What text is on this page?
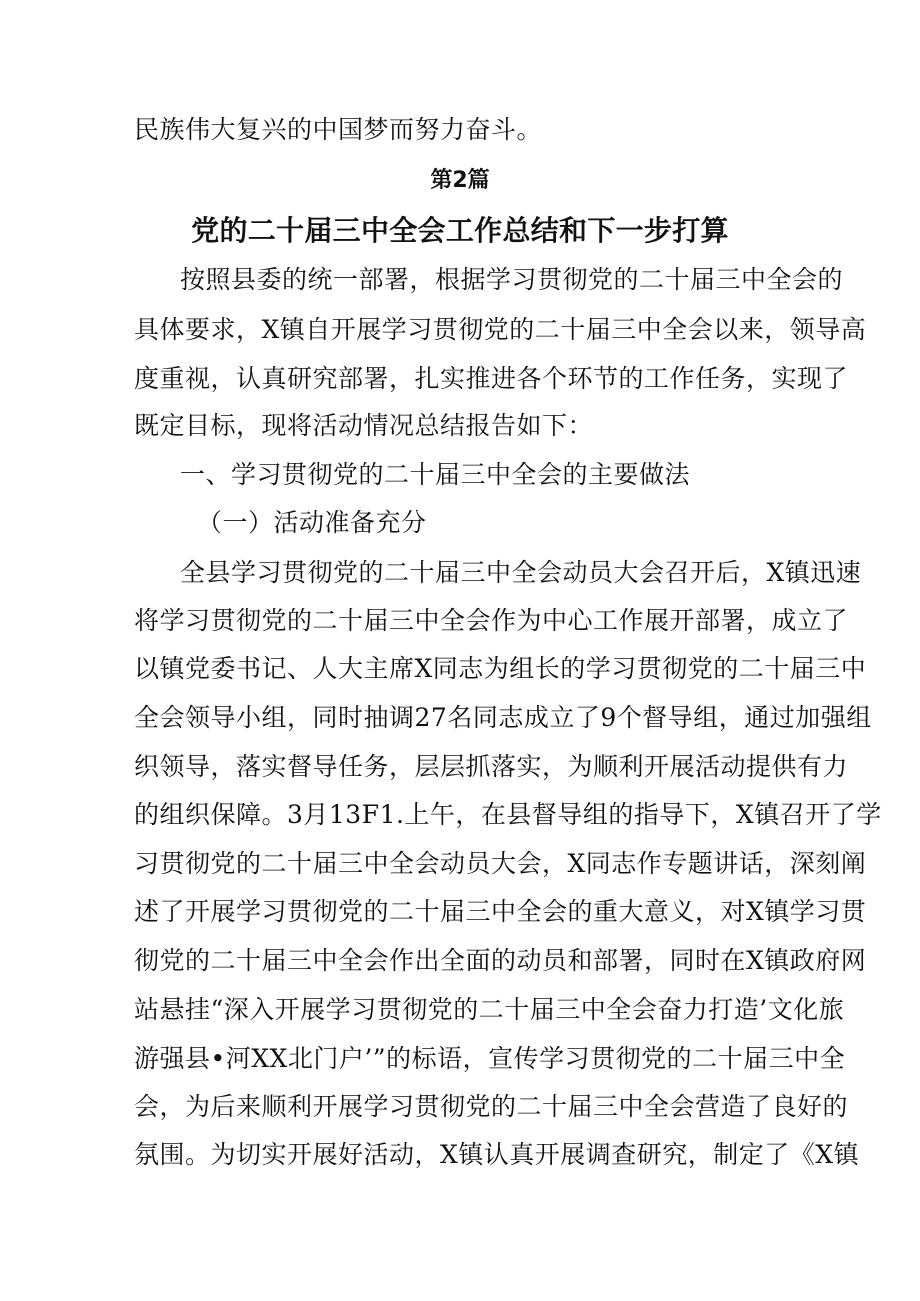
民族伟大复兴的中国梦而努力奋斗。
第2篇
党的二十届三中全会工作总结和下一步打算
按照县委的统一部署，根据学习贯彻党的二十届三中全会的
具体要求，X镇自开展学习贯彻党的二十届三中全会以来，领导高
度重视，认真研究部署，扎实推进各个环节的工作任务，实现了
既定目标，现将活动情况总结报告如下：
一、学习贯彻党的二十届三中全会的主要做法
（一）活动准备充分
全县学习贯彻党的二十届三中全会动员大会召开后，X镇迅速
将学习贯彻党的二十届三中全会作为中心工作展开部署，成立了
以镇党委书记、人大主席X同志为组长的学习贯彻党的二十届三中
全会领导小组，同时抽调27名同志成立了9个督导组，通过加强组
织领导，落实督导任务，层层抓落实，为顺利开展活动提供有力
的组织保障。3月13F1.上午，在县督导组的指导下，X镇召开了学
习贯彻党的二十届三中全会动员大会，X同志作专题讲话，深刻阐
述了开展学习贯彻党的二十届三中全会的重大意义，对X镇学习贯
彻党的二十届三中全会作出全面的动员和部署，同时在X镇政府网
站悬挂“深入开展学习贯彻党的二十届三中全会奋力打造’文化旅
游强县•河XX北门户’”的标语，宣传学习贯彻党的二十届三中全
会，为后来顺利开展学习贯彻党的二十届三中全会营造了良好的
氛围。为切实开展好活动，X镇认真开展调查研究，制定了《X镇
